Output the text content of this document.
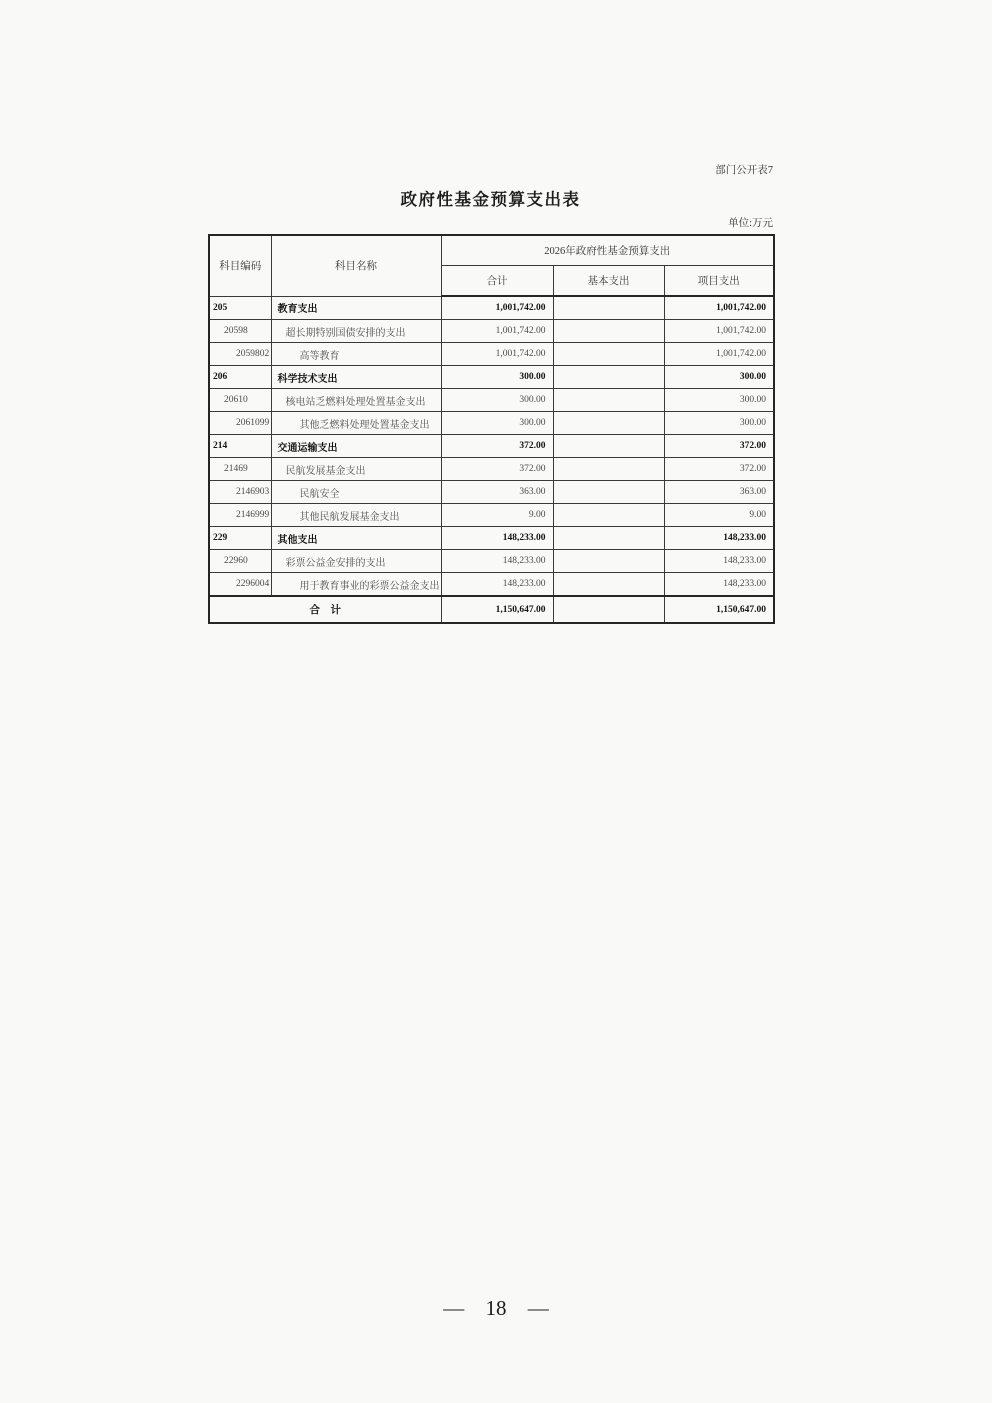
部门公开表7
政府性基金预算支出表
单位:万元
科目编码	科目名称	2026年政府性基金预算支出		
		合计	基本支出	项目支出
205	教育支出	1,001,742.00		1,001,742.00
20598	超长期特别国债安排的支出	1,001,742.00		1,001,742.00
2059802	高等教育	1,001,742.00		1,001,742.00
206	科学技术支出	300.00		300.00
20610	核电站乏燃料处理处置基金支出	300.00		300.00
2061099	其他乏燃料处理处置基金支出	300.00		300.00
214	交通运输支出	372.00		372.00
21469	民航发展基金支出	372.00		372.00
2146903	民航安全	363.00		363.00
2146999	其他民航发展基金支出	9.00		9.00
229	其他支出	148,233.00		148,233.00
22960	彩票公益金安排的支出	148,233.00		148,233.00
2296004	用于教育事业的彩票公益金支出	148,233.00		148,233.00
合　计		1,150,647.00		1,150,647.00
— 18 —
